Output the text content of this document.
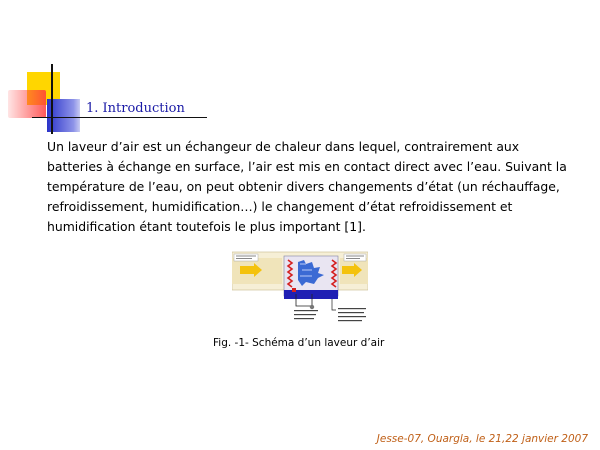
1. Introduction

Un laveur d’air est un échangeur de chaleur dans lequel, contrairement aux batteries à échange en surface, l’air est mis en contact direct avec l’eau. Suivant la température de l’eau, on peut obtenir divers changements d’état (un réchauffage, refroidissement, humidification…) le changement d’état refroidissement et humidification étant toutefois le plus important [1].

Fig. -1- Schéma d’un laveur d’air
Jesse-07, Ouargla, le 21,22 janvier 2007
